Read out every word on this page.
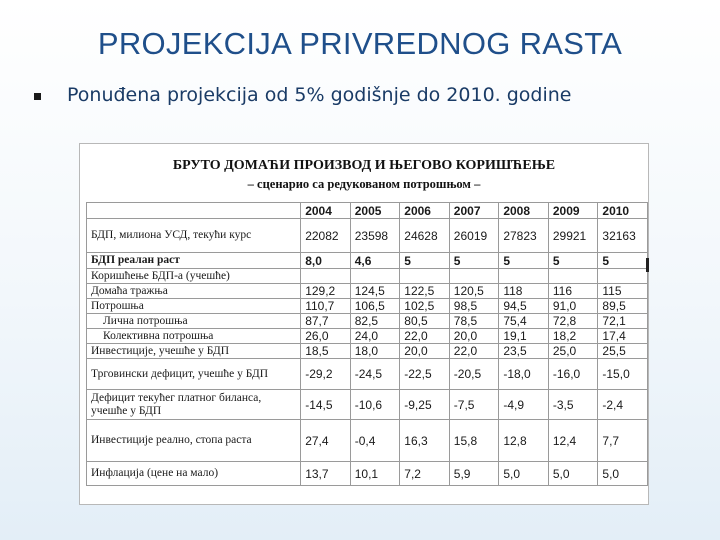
PROJEKCIJA PRIVREDNOG RASTA
Ponuđena projekcija od 5% godišnje do 2010. godine
БРУТО ДОМАЋИ ПРОИЗВОД И ЊЕГОВО КОРИШЋЕЊЕ
– сценарио са редукованом потрошњом –
	2004	2005	2006	2007	2008	2009	2010
БДП, милиона УСД, текући курс	22082	23598	24628	26019	27823	29921	32163
БДП реалан раст	8,0	4,6	5	5	5	5	5
Коришћење БДП-а (учешће)							
Домаћа тражња	129,2	124,5	122,5	120,5	118	116	115
Потрошња	110,7	106,5	102,5	98,5	94,5	91,0	89,5
Лична потрошња	87,7	82,5	80,5	78,5	75,4	72,8	72,1
Колективна потрошња	26,0	24,0	22,0	20,0	19,1	18,2	17,4
Инвестиције, учешће у БДП	18,5	18,0	20,0	22,0	23,5	25,0	25,5
Трговински дефицит, учешће у БДП	-29,2	-24,5	-22,5	-20,5	-18,0	-16,0	-15,0
Дефицит текућег платног биланса, учешће у БДП	-14,5	-10,6	-9,25	-7,5	-4,9	-3,5	-2,4
Инвестиције реално, стопа раста	27,4	-0,4	16,3	15,8	12,8	12,4	7,7
Инфлација (цене на мало)	13,7	10,1	7,2	5,9	5,0	5,0	5,0
